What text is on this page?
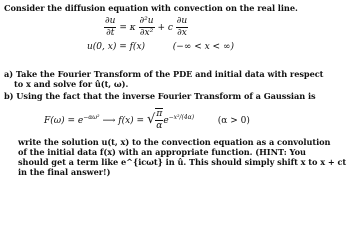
Consider the diffusion equation with convection on the real line.
$\frac{\partial u}{\partial t} = \kappa \frac{\text{∂²u}}{\text{∂x²}} + c \frac{\partial u}{\partial x}$
u(0, x) = f(x)	(−∞ < x < ∞)
a) Take the Fourier Transform of the PDE and initial data with respect
to x and solve for û(t, ω).
b) Using the fact that the inverse Fourier Transform of a Gaussian is
$F(\omega) = e^{-\alpha\omega^2}$ ⟶ f(x) = √ $\frac{\pi}{\alpha} e^{-x^2/(4\alpha)}$	(α > 0)
write the solution u(t, x) to the convection equation as a convolution
of the initial data f(x) with an appropriate function. (HINT: You
should get a term like e^{icωt} in û. This should simply shift x to x + ct
in the final answer!)
